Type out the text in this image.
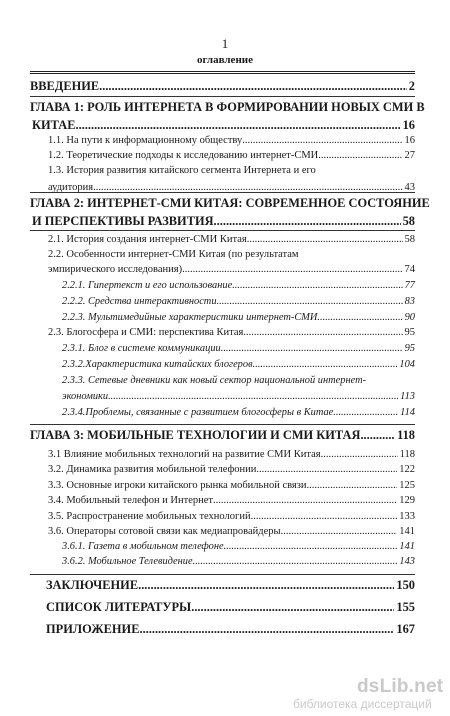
1
оглавление
ВВЕДЕНИЕ .....	2
ГЛАВА 1: РОЛЬ ИНТЕРНЕТА В ФОРМИРОВАНИИ НОВЫХ СМИ В
КИТАЕ .....	16
1.1. На пути к информационному обществу .....	16
1.2. Теоретические подходы к исследованию интернет-СМИ .....	27
1.3. История развития китайского сегмента Интернета и его
аудитория .....	43
ГЛАВА 2: ИНТЕРНЕТ-СМИ КИТАЯ: СОВРЕМЕННОЕ СОСТОЯНИЕ
И ПЕРСПЕКТИВЫ РАЗВИТИЯ .....	58
2.1. История создания интернет-СМИ Китая .....	58
2.2. Особенности интернет-СМИ Китая (по результатам
эмпирического исследования) .....	74
2.2.1. Гипертекст и его использование .....	77
2.2.2. Средства интерактивности .....	83
2.2.3. Мультимедийные характеристики интернет-СМИ .....	90
2.3. Блогосфера и СМИ: перспектива Китая .....	95
2.3.1. Блог в системе коммуникации .....	95
2.3.2.Характеристика китайских блогеров .....	104
2.3.3. Сетевые дневники как новый сектор национальной интернет-
экономики .....	113
2.3.4.Проблемы, связанные с развитием блогосферы в Китае .....	114
ГЛАВА 3: МОБИЛЬНЫЕ ТЕХНОЛОГИИ И СМИ КИТАЯ .....	118
3.1 Влияние мобильных технологий на развитие СМИ Китая .....	118
3.2. Динамика развития мобильной телефонии .....	122
3.3. Основные игроки китайского рынка мобильной связи .....	125
3.4. Мобильный телефон и Интернет .....	129
3.5. Распространение мобильных технологий .....	133
3.6. Операторы сотовой связи как медиапровайдеры .....	141
3.6.1. Газета в мобильном телефоне .....	141
3.6.2. Мобильное Телевидение .....	143
ЗАКЛЮЧЕНИЕ .....	150
СПИСОК ЛИТЕРАТУРЫ .....	155
ПРИЛОЖЕНИЕ .....	167
dsLib.net
библиотека диссертаций
